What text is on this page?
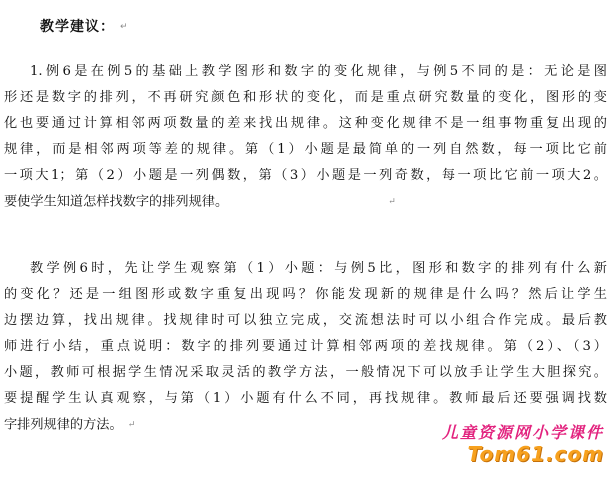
教学建议： ↵
1.例6是在例5的基础上教学图形和数字的变化规律，与例5不同的是：无论是图
形还是数字的排列，不再研究颜色和形状的变化，而是重点研究数量的变化，图形的变
化也要通过计算相邻两项数量的差来找出规律。这种变化规律不是一组事物重复出现的
规律，而是相邻两项等差的规律。第（1）小题是最简单的一列自然数，每一项比它前
一项大1；第（2）小题是一列偶数，第（3）小题是一列奇数，每一项比它前一项大2。
要使学生知道怎样找数字的排列规律。	↵
教学例6时，先让学生观察第（1）小题：与例5比，图形和数字的排列有什么新
的变化？还是一组图形或数字重复出现吗？你能发现新的规律是什么吗？然后让学生
边摆边算，找出规律。找规律时可以独立完成，交流想法时可以小组合作完成。最后教
师进行小结，重点说明：数字的排列要通过计算相邻两项的差找规律。第（2）、（3）
小题，教师可根据学生情况采取灵活的教学方法，一般情况下可以放手让学生大胆探究。
要提醒学生认真观察，与第（1）小题有什么不同，再找规律。教师最后还要强调找数
字排列规律的方法。 ↵	儿童资源网小学课件
Tom61.com
